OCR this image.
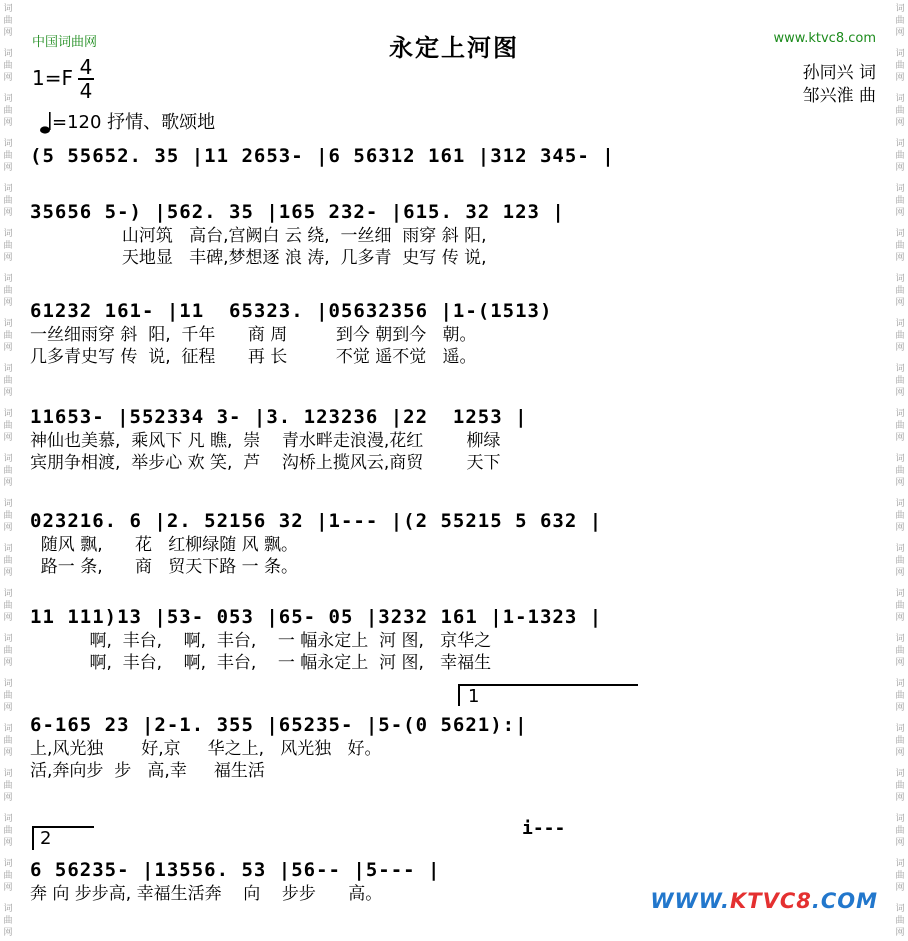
词
曲
网
词
曲
网
词
曲
网
词
曲
网
词
曲
网
词
曲
网
词
曲
网
词
曲
网
词
曲
网
词
曲
网
词
曲
网
词
曲
网
词
曲
网
词
曲
网
词
曲
网
词
曲
网
词
曲
网
词
曲
网
词
曲
网
词
曲
网
词
曲
网
词
曲
网
词
曲
网
词
曲
网
词
曲
网
词
曲
网
词
曲
网
词
曲
网
词
曲
网
词
曲
网
词
曲
网
词
曲
网
词
曲
网
词
曲
网
词
曲
网
词
曲
网
词
曲
网
词
曲
网
词
曲
网
词
曲
网
词
曲
网
词
曲
网
中国词曲网	www.ktvc8.com
永定上河图
1=F 4
4
=120 抒情、歌颂地
孙同兴 词
邹兴淮 曲
(5 55652. 35 |11 2653- |6 56312 161 |312 345- |
35656 5-) |562. 35 |165 232- |615. 32 123 |
山河筑   高台,宫阙白 云 绕,  一丝细  雨穿 斜 阳,
天地显   丰碑,梦想逐 浪 涛,  几多青  史写 传 说,
61232 161- |11  65323. |05632356 |1-(1513)
一丝细雨穿 斜  阳,  千年      商 周         到今 朝到今   朝。
几多青史写 传  说,  征程      再 长         不觉 遥不觉   遥。
11653- |552334 3- |3. 123236 |22  1253 |
神仙也美慕,  乘风下 凡 瞧,  崇    青水畔走浪漫,花红        柳绿
宾朋争相渡,  举步心 欢 笑,  芦    沟桥上揽风云,商贸        天下
023216. 6 |2. 52156 32 |1--- |(2 55215 5 632 |
随风 飘,      花   红柳绿随 风 飘。
路一 条,      商   贸天下路 一 条。
11 111)13 |53- 053 |65- 05 |3232 161 |1-1323 |
啊,  丰台,    啊,  丰台,    一 幅永定上  河 图,   京华之
啊,  丰台,    啊,  丰台,    一 幅永定上  河 图,   幸福生
1
6-165 23 |2-1. 355 |65235- |5-(0 5621):|
上,风光独       好,京     华之上,   风光独   好。
活,奔向步  步   高,幸     福生活
2	i---
6 56235- |13556. 53 |56-- |5--- |
奔 向 步步高, 幸福生活奔    向    步步      高。	WWW.KTVC8.COM
